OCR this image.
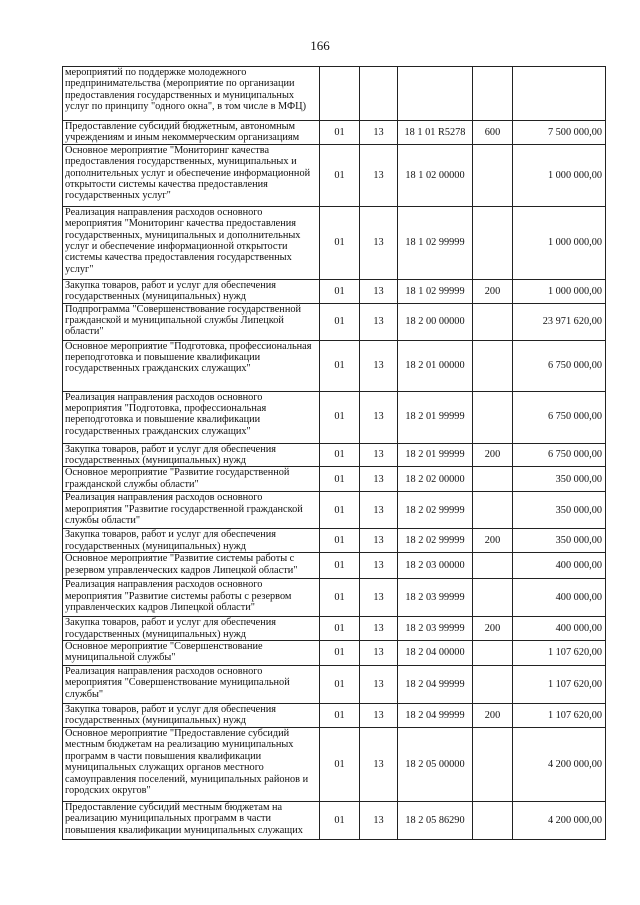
166
мероприятий по поддержке молодежного предпринимательства (мероприятие по организации предоставления государственных и муниципальных услуг по принципу "одного окна", в том числе в МФЦ)					
Предоставление субсидий бюджетным, автономным учреждениям и иным некоммерческим организациям	01	13	18 1 01 R5278	600	7 500 000,00
Основное мероприятие "Мониторинг качества предоставления государственных, муниципальных и дополнительных услуг и обеспечение информационной открытости системы качества предоставления государственных услуг"	01	13	18 1 02 00000		1 000 000,00
Реализация направления расходов основного мероприятия "Мониторинг качества предоставления государственных, муниципальных и дополнительных услуг и обеспечение информационной открытости системы качества предоставления государственных услуг"	01	13	18 1 02 99999		1 000 000,00
Закупка товаров, работ и услуг для обеспечения государственных (муниципальных) нужд	01	13	18 1 02 99999	200	1 000 000,00
Подпрограмма "Совершенствование государственной гражданской и муниципальной службы Липецкой области"	01	13	18 2 00 00000		23 971 620,00
Основное мероприятие "Подготовка, профессиональная переподготовка и повышение квалификации государственных гражданских служащих"	01	13	18 2 01 00000		6 750 000,00
Реализация направления расходов основного мероприятия "Подготовка, профессиональная переподготовка и повышение квалификации государственных гражданских служащих"	01	13	18 2 01 99999		6 750 000,00
Закупка товаров, работ и услуг для обеспечения государственных (муниципальных) нужд	01	13	18 2 01 99999	200	6 750 000,00
Основное мероприятие "Развитие государственной гражданской службы области"	01	13	18 2 02 00000		350 000,00
Реализация направления расходов основного мероприятия "Развитие государственной гражданской службы области"	01	13	18 2 02 99999		350 000,00
Закупка товаров, работ и услуг для обеспечения государственных (муниципальных) нужд	01	13	18 2 02 99999	200	350 000,00
Основное мероприятие "Развитие системы работы с резервом управленческих кадров Липецкой области"	01	13	18 2 03 00000		400 000,00
Реализация направления расходов основного мероприятия "Развитие системы работы с резервом управленческих кадров Липецкой области"	01	13	18 2 03 99999		400 000,00
Закупка товаров, работ и услуг для обеспечения государственных (муниципальных) нужд	01	13	18 2 03 99999	200	400 000,00
Основное мероприятие "Совершенствование муниципальной службы"	01	13	18 2 04 00000		1 107 620,00
Реализация направления расходов основного мероприятия "Совершенствование муниципальной службы"	01	13	18 2 04 99999		1 107 620,00
Закупка товаров, работ и услуг для обеспечения государственных (муниципальных) нужд	01	13	18 2 04 99999	200	1 107 620,00
Основное мероприятие "Предоставление субсидий местным бюджетам на реализацию муниципальных программ в части повышения квалификации муниципальных служащих органов местного самоуправления поселений, муниципальных районов и городских округов"	01	13	18 2 05 00000		4 200 000,00
Предоставление субсидий местным бюджетам на реализацию муниципальных программ в части повышения квалификации муниципальных служащих	01	13	18 2 05 86290		4 200 000,00
